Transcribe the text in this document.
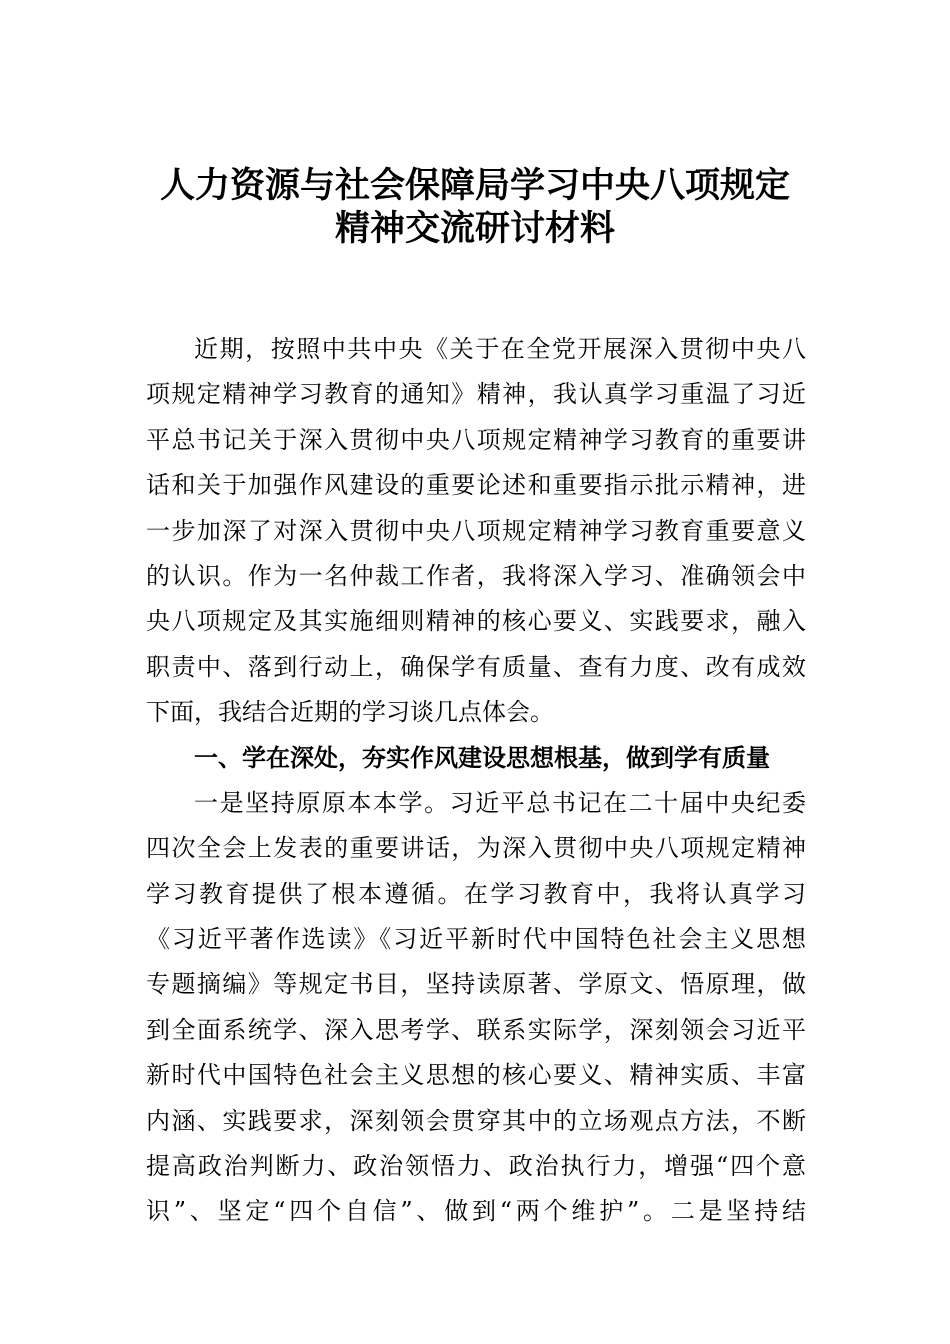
人力资源与社会保障局学习中央八项规定
精神交流研讨材料
近期，按照中共中央《关于在全党开展深入贯彻中央八
项规定精神学习教育的通知》精神，我认真学习重温了习近
平总书记关于深入贯彻中央八项规定精神学习教育的重要讲
话和关于加强作风建设的重要论述和重要指示批示精神，进
一步加深了对深入贯彻中央八项规定精神学习教育重要意义
的认识。作为一名仲裁工作者，我将深入学习、准确领会中
央八项规定及其实施细则精神的核心要义、实践要求，融入
职责中、落到行动上，确保学有质量、查有力度、改有成效
下面，我结合近期的学习谈几点体会。
一、学在深处，夯实作风建设思想根基，做到学有质量
一是坚持原原本本学。习近平总书记在二十届中央纪委
四次全会上发表的重要讲话，为深入贯彻中央八项规定精神
学习教育提供了根本遵循。在学习教育中，我将认真学习
《习近平著作选读》《习近平新时代中国特色社会主义思想
专题摘编》等规定书目，坚持读原著、学原文、悟原理，做
到全面系统学、深入思考学、联系实际学，深刻领会习近平
新时代中国特色社会主义思想的核心要义、精神实质、丰富
内涵、实践要求，深刻领会贯穿其中的立场观点方法，不断
提高政治判断力、政治领悟力、政治执行力，增强“四个意
识”、坚定“四个自信”、做到“两个维护”。二是坚持结
